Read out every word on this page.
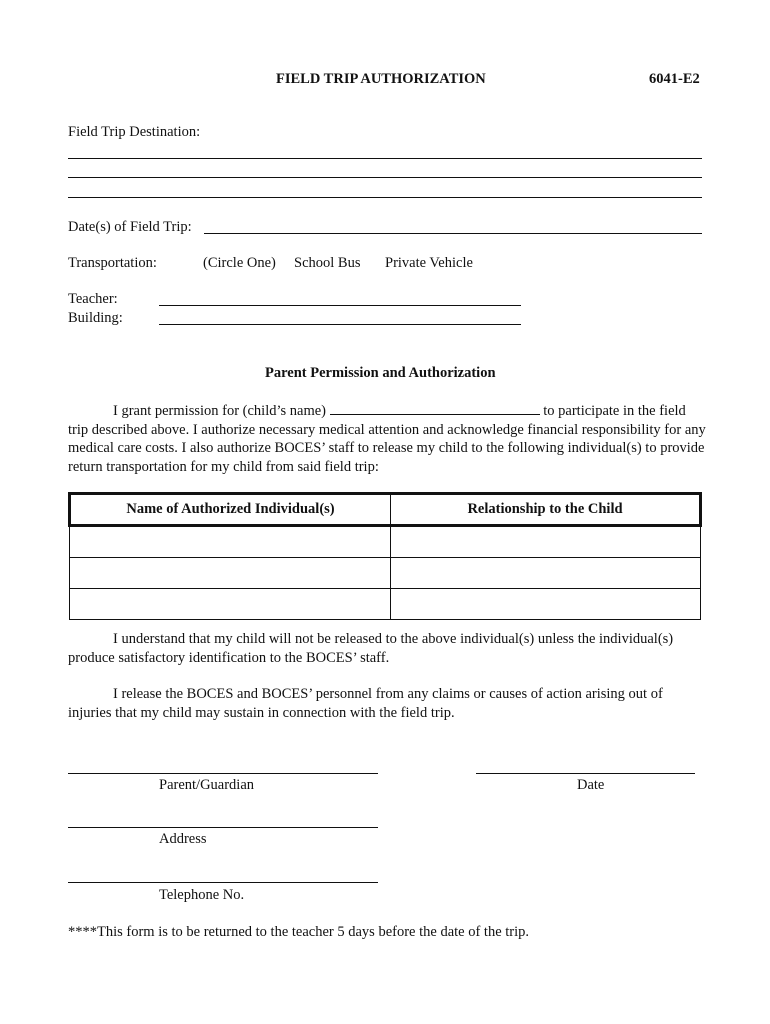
FIELD TRIP AUTHORIZATION	6041-E2
Field Trip Destination:
Date(s) of Field Trip:
Transportation:	(Circle One) School Bus Private Vehicle
Teacher:
Building:
Parent Permission and Authorization
I grant permission for (child’s name)	to participate in the field trip described above. I authorize necessary medical attention and acknowledge financial responsibility for any medical care costs. I also authorize BOCES’ staff to release my child to the following individual(s) to provide return transportation for my child from said field trip:
Name of Authorized Individual(s)	Relationship to the Child

I understand that my child will not be released to the above individual(s) unless the individual(s) produce satisfactory identification to the BOCES’ staff.
I release the BOCES and BOCES’ personnel from any claims or causes of action arising out of injuries that my child may sustain in connection with the field trip.
Parent/Guardian	Date
Address
Telephone No.
****This form is to be returned to the teacher 5 days before the date of the trip.
